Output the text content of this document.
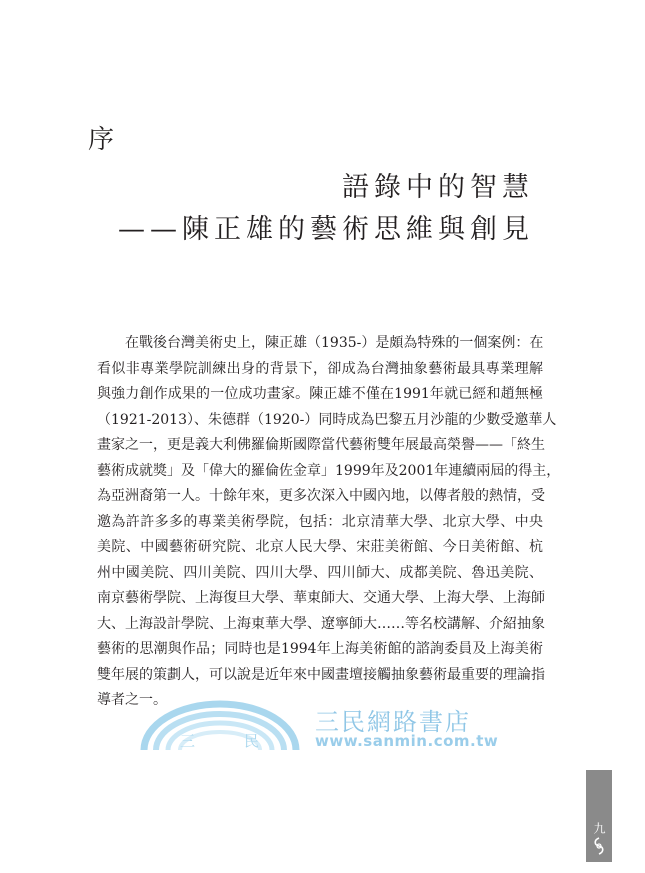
序
語錄中的智慧
——陳正雄的藝術思維與創見
在戰後台灣美術史上，陳正雄（1935-）是頗為特殊的一個案例：在
看似非專業學院訓練出身的背景下，卻成為台灣抽象藝術最具專業理解
與強力創作成果的一位成功畫家。陳正雄不僅在1991年就已經和趙無極
（1921-2013）、朱德群（1920-）同時成為巴黎五月沙龍的少數受邀華人
畫家之一，更是義大利佛羅倫斯國際當代藝術雙年展最高榮譽——「終生
藝術成就獎」及「偉大的羅倫佐金章」1999年及2001年連續兩屆的得主，
為亞洲裔第一人。十餘年來，更多次深入中國內地，以傳者般的熱情，受
邀為許許多多的專業美術學院，包括：北京清華大學、北京大學、中央
美院、中國藝術研究院、北京人民大學、宋莊美術館、今日美術館、杭
州中國美院、四川美院、四川大學、四川師大、成都美院、魯迅美院、
南京藝術學院、上海復旦大學、華東師大、交通大學、上海大學、上海師
大、上海設計學院、上海東華大學、遼寧師大……等名校講解、介紹抽象
藝術的思潮與作品；同時也是1994年上海美術館的諮詢委員及上海美術
雙年展的策劃人，可以說是近年來中國畫壇接觸抽象藝術最重要的理論指
導者之一。
三	民
三民網路書店
www.sanmin.com.tw
九
